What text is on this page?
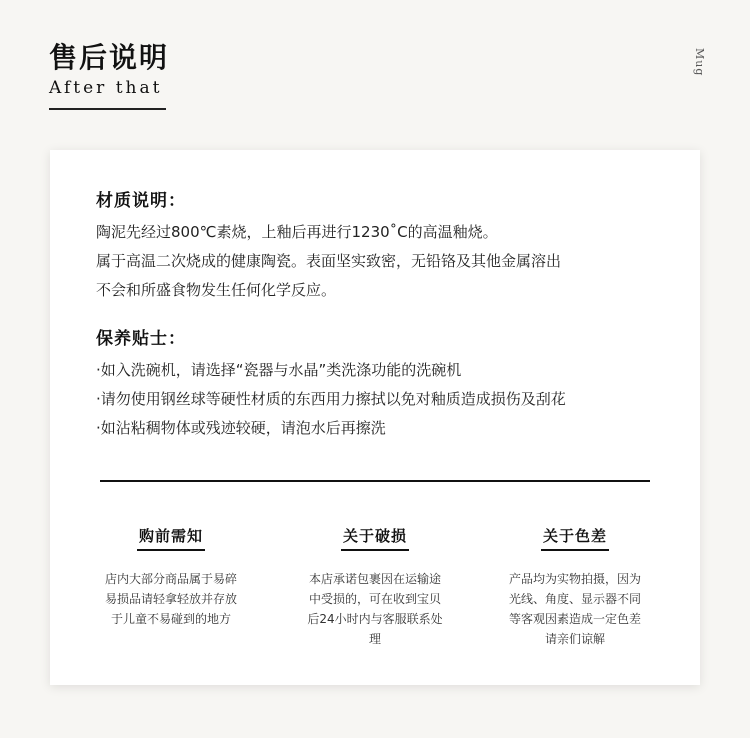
售后说明
After that
Mug
材质说明：

陶泥先经过800℃素烧，上釉后再进行1230˚C的高温釉烧。

属于高温二次烧成的健康陶瓷。表面坚实致密，无铅铬及其他金属溶出

不会和所盛食物发生任何化学反应。

保养贴士：

·如入洗碗机，请选择“瓷器与水晶”类洗涤功能的洗碗机

·请勿使用钢丝球等硬性材质的东西用力擦拭以免对釉质造成损伤及刮花

·如沾粘稠物体或残迹较硬，请泡水后再擦洗

购前需知
店内大部分商品属于易碎易损品请轻拿轻放并存放于儿童不易碰到的地方
关于破损
本店承诺包裹因在运输途中受损的，可在收到宝贝后24小时内与客服联系处理
关于色差
产品均为实物拍摄，因为光线、角度、显示器不同等客观因素造成一定色差请亲们谅解
